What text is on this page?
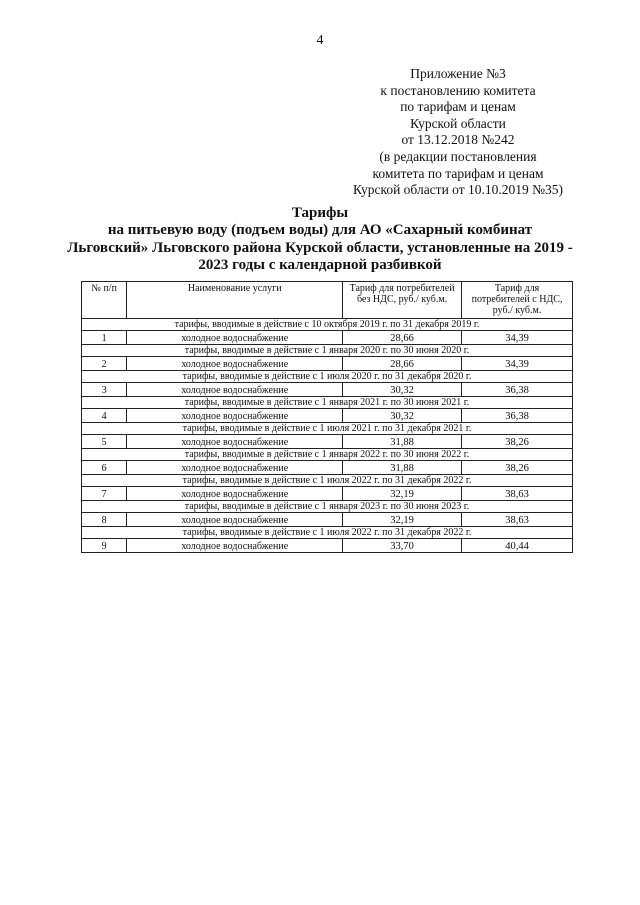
4
Приложение №3
к постановлению комитета
по тарифам и ценам
Курской области
от 13.12.2018 №242
(в редакции постановления
комитета по тарифам и ценам
Курской области от 10.10.2019 №35)
Тарифы
на питьевую воду (подъем воды) для АО «Сахарный комбинат
Льговский» Льговского района Курской области, установленные на 2019 -
2023 годы с календарной разбивкой
№ п/п	Наименование услуги	Тариф для потребителей без НДС, руб./ куб.м.	Тариф для потребителей с НДС, руб./ куб.м.
тарифы, вводимые в действие с 10 октября 2019 г. по 31 декабря 2019 г.			
1	холодное водоснабжение	28,66	34,39
тарифы, вводимые в действие с 1 января 2020 г. по 30 июня 2020 г.			
2	холодное водоснабжение	28,66	34,39
тарифы, вводимые в действие с 1 июля 2020 г. по 31 декабря 2020 г.			
3	холодное водоснабжение	30,32	36,38
тарифы, вводимые в действие с 1 января 2021 г. по 30 июня 2021 г.			
4	холодное водоснабжение	30,32	36,38
тарифы, вводимые в действие с 1 июля 2021 г. по 31 декабря 2021 г.			
5	холодное водоснабжение	31,88	38,26
тарифы, вводимые в действие с 1 января 2022 г. по 30 июня 2022 г.			
6	холодное водоснабжение	31,88	38,26
тарифы, вводимые в действие с 1 июля 2022 г. по 31 декабря 2022 г.			
7	холодное водоснабжение	32,19	38,63
тарифы, вводимые в действие с 1 января 2023 г. по 30 июня 2023 г.			
8	холодное водоснабжение	32,19	38,63
тарифы, вводимые в действие с 1 июля 2022 г. по 31 декабря 2022 г.			
9	холодное водоснабжение	33,70	40,44
